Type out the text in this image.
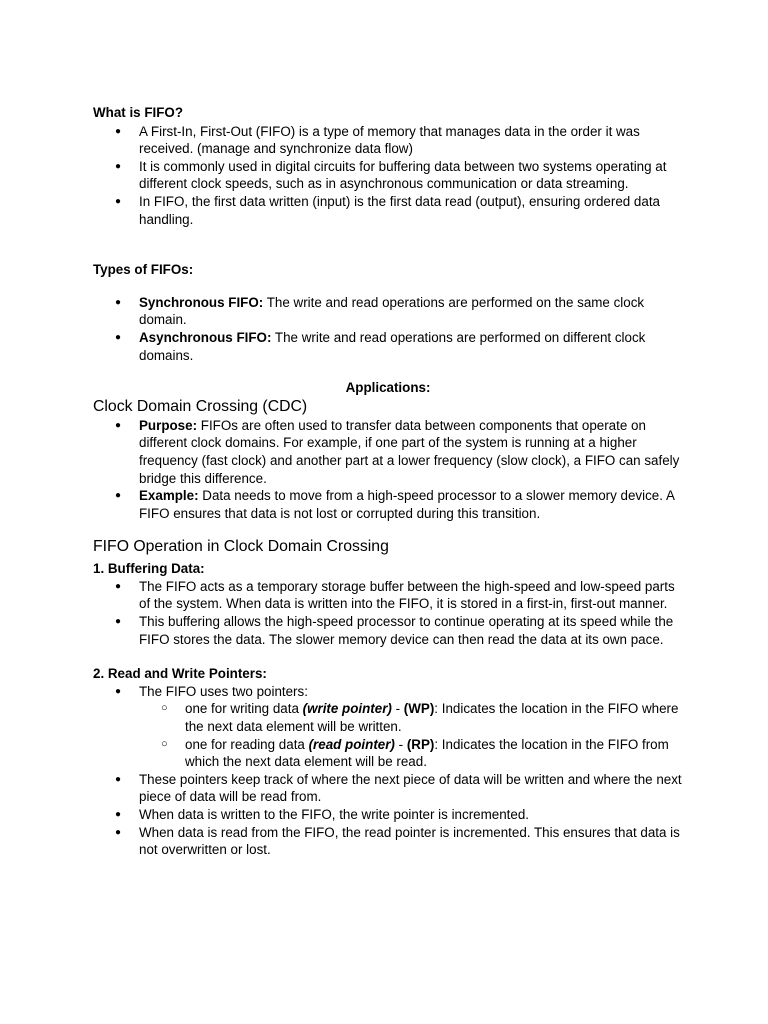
What is FIFO?
● A First-In, First-Out (FIFO) is a type of memory that manages data in the order it was received. (manage and synchronize data flow)
● It is commonly used in digital circuits for buffering data between two systems operating at different clock speeds, such as in asynchronous communication or data streaming.
● In FIFO, the first data written (input) is the first data read (output), ensuring ordered data handling.
Types of FIFOs:
● Synchronous FIFO: The write and read operations are performed on the same clock domain.
● Asynchronous FIFO: The write and read operations are performed on different clock domains.
Applications:
Clock Domain Crossing (CDC)
● Purpose: FIFOs are often used to transfer data between components that operate on different clock domains. For example, if one part of the system is running at a higher frequency (fast clock) and another part at a lower frequency (slow clock), a FIFO can safely bridge this difference.
● Example: Data needs to move from a high-speed processor to a slower memory device. A FIFO ensures that data is not lost or corrupted during this transition.
FIFO Operation in Clock Domain Crossing
1. Buffering Data:
● The FIFO acts as a temporary storage buffer between the high-speed and low-speed parts of the system. When data is written into the FIFO, it is stored in a first-in, first-out manner.
● This buffering allows the high-speed processor to continue operating at its speed while the FIFO stores the data. The slower memory device can then read the data at its own pace.
2. Read and Write Pointers:
● The FIFO uses two pointers:
○ one for writing data (write pointer) - (WP): Indicates the location in the FIFO where the next data element will be written.
○ one for reading data (read pointer) - (RP): Indicates the location in the FIFO from which the next data element will be read.
● These pointers keep track of where the next piece of data will be written and where the next piece of data will be read from.
● When data is written to the FIFO, the write pointer is incremented.
● When data is read from the FIFO, the read pointer is incremented. This ensures that data is not overwritten or lost.
